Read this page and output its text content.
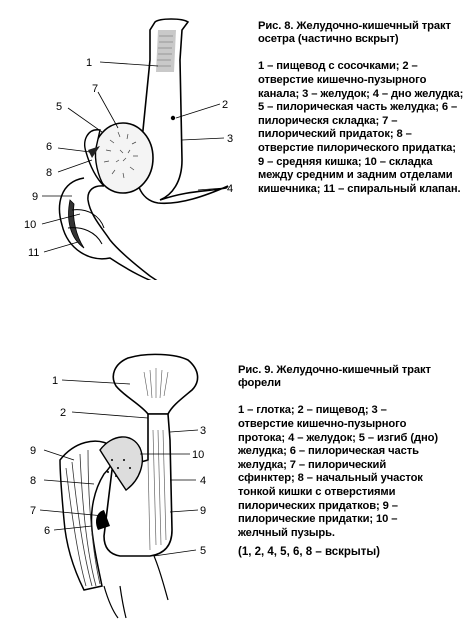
1
2
3
4
5
7
6
8
9
10
11

Рис. 8. Желудочно-кишечный тракт осетра (частично вскрыт)

1 – пищевод с сосочками; 2 – отверстие кишечно-пузырного канала; 3 – желудок; 4 – дно желудка; 5 – пилорическая часть желудка; 6 – пилорическя складка; 7 – пилорический придаток; 8 – отверстие пилорического придатка; 9 – средняя кишка; 10 – складка между средним и задним отделами кишечника; 11 – спиральный клапан.

1
2
3
10
4
9
8
7	9
6
5

Рис. 9. Желудочно-кишечный тракт форели

1 – глотка; 2 – пищевод; 3 – отверстие кишечно-пузырного протока; 4 – желудок; 5 – изгиб (дно) желудка; 6 – пилорическая часть желудка; 7 – пилорический сфинктер; 8 – начальный участок тонкой кишки с отверстиями пилорических придатков; 9 – пилорические придатки; 10 – желчный пузырь.

(1, 2, 4, 5, 6, 8 – вскрыты)
